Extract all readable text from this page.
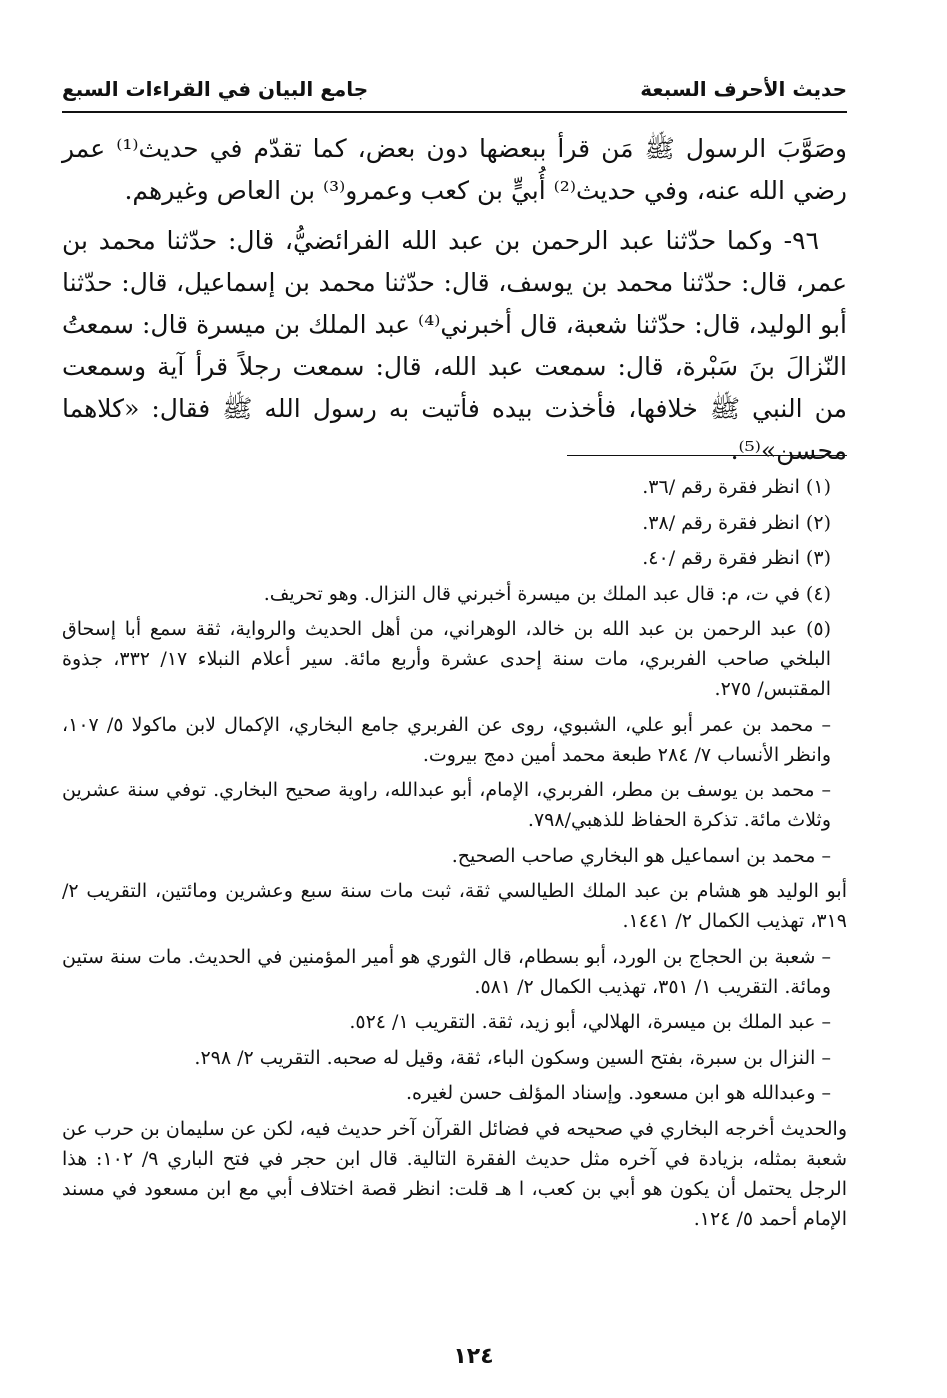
حديث الأحرف السبعة
جامع البيان في القراءات السبع

وصَوَّبَ الرسول ﷺ مَن قرأ ببعضها دون بعض، كما تقدّم في حديث⁽¹⁾ عمر رضي الله عنه، وفي حديث⁽²⁾ أُبيٍّ بن كعب وعمرو⁽³⁾ بن العاص وغيرهم.

٩٦- وكما حدّثنا عبد الرحمن بن عبد الله الفرائضيُّ، قال: حدّثنا محمد بن عمر، قال: حدّثنا محمد بن يوسف، قال: حدّثنا محمد بن إسماعيل، قال: حدّثنا أبو الوليد، قال: حدّثنا شعبة، قال أخبرني⁽⁴⁾ عبد الملك بن ميسرة قال: سمعتُ النّزالَ بنَ سَبْرة، قال: سمعت عبد الله، قال: سمعت رجلاً قرأ آية وسمعت من النبي ﷺ خلافها، فأخذت بيده فأتيت به رسول الله ﷺ فقال: «كلاهما محسن»⁽⁵⁾.

(١) انظر فقرة رقم /٣٦.

(٢) انظر فقرة رقم /٣٨.

(٣) انظر فقرة رقم /٤٠.

(٤) في ت، م: قال عبد الملك بن ميسرة أخبرني قال النزال. وهو تحريف.

(٥) عبد الرحمن بن عبد الله بن خالد، الوهراني، من أهل الحديث والرواية، ثقة سمع أبا إسحاق البلخي صاحب الفربري، مات سنة إحدى عشرة وأربع مائة. سير أعلام النبلاء ١٧/ ٣٣٢، جذوة المقتبس/ ٢٧٥.

– محمد بن عمر أبو علي، الشبوي، روى عن الفربري جامع البخاري، الإكمال لابن ماكولا ٥/ ١٠٧، وانظر الأنساب ٧/ ٢٨٤ طبعة محمد أمين دمج بيروت.

– محمد بن يوسف بن مطر، الفربري، الإمام، أبو عبدالله، راوية صحيح البخاري. توفي سنة عشرين وثلاث مائة. تذكرة الحفاظ للذهبي/٧٩٨.

– محمد بن اسماعيل هو البخاري صاحب الصحيح.

أبو الوليد هو هشام بن عبد الملك الطيالسي ثقة، ثبت مات سنة سبع وعشرين ومائتين، التقريب ٢/ ٣١٩، تهذيب الكمال ٢/ ١٤٤١.

– شعبة بن الحجاج بن الورد، أبو بسطام، قال الثوري هو أمير المؤمنين في الحديث. مات سنة ستين ومائة. التقريب ١/ ٣٥١، تهذيب الكمال ٢/ ٥٨١.

– عبد الملك بن ميسرة، الهلالي، أبو زيد، ثقة. التقريب ١/ ٥٢٤.

– النزال بن سبرة، بفتح السين وسكون الباء، ثقة، وقيل له صحبه. التقريب ٢/ ٢٩٨.

– وعبدالله هو ابن مسعود. وإسناد المؤلف حسن لغيره.

والحديث أخرجه البخاري في صحيحه في فضائل القرآن آخر حديث فيه، لكن عن سليمان بن حرب عن شعبة بمثله، بزيادة في آخره مثل حديث الفقرة التالية. قال ابن حجر في فتح الباري ٩/ ١٠٢: هذا الرجل يحتمل أن يكون هو أبي بن كعب، ا هـ قلت: انظر قصة اختلاف أبي مع ابن مسعود في مسند الإمام أحمد ٥/ ١٢٤.

١٢٤
